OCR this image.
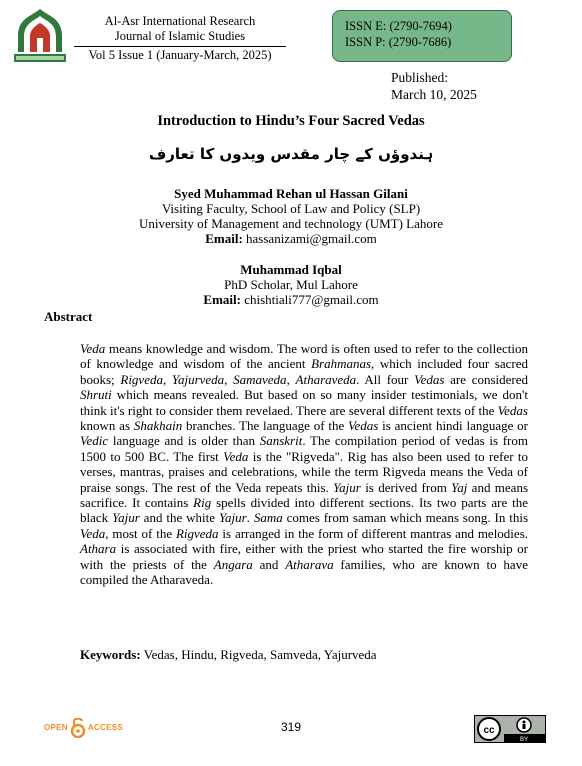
Al-Asr International Research
Journal of Islamic Studies
Vol 5 Issue 1 (January-March, 2025)
ISSN E: (2790-7694)
ISSN P: (2790-7686)
Published:
March 10, 2025
Introduction to Hindu’s Four Sacred Vedas
ہندوؤں کے چار مقدس ویدوں کا تعارف
Syed Muhammad Rehan ul Hassan Gilani
Visiting Faculty, School of Law and Policy (SLP)
University of Management and technology (UMT) Lahore
Email: hassanizami@gmail.com
Muhammad Iqbal
PhD Scholar, Mul Lahore
Email: chishtiali777@gmail.com
Abstract
Veda means knowledge and wisdom. The word is often used to refer to the collection of knowledge and wisdom of the ancient Brahmanas, which included four sacred books; Rigveda, Yajurveda, Samaveda, Atharaveda. All four Vedas are considered Shruti which means revealed. But based on so many insider testimonials, we don't think it's right to consider them revelaed. There are several different texts of the Vedas known as Shakhain branches. The language of the Vedas is ancient hindi language or Vedic language and is older than Sanskrit. The compilation period of vedas is from 1500 to 500 BC. The first Veda is the "Rigveda". Rig has also been used to refer to verses, mantras, praises and celebrations, while the term Rigveda means the Veda of praise songs. The rest of the Veda repeats this. Yajur is derived from Yaj and means sacrifice. It contains Rig spells divided into different sections. Its two parts are the black Yajur and the white Yajur. Sama comes from saman which means song. In this Veda, most of the Rigveda is arranged in the form of different mantras and melodies. Athara is associated with fire, either with the priest who started the fire worship or with the priests of the Angara and Atharava families, who are known to have compiled the Atharaveda.
Keywords: Vedas, Hindu, Rigveda, Samveda, Yajurveda
OPEN	ACCESS	319	cc
BY
